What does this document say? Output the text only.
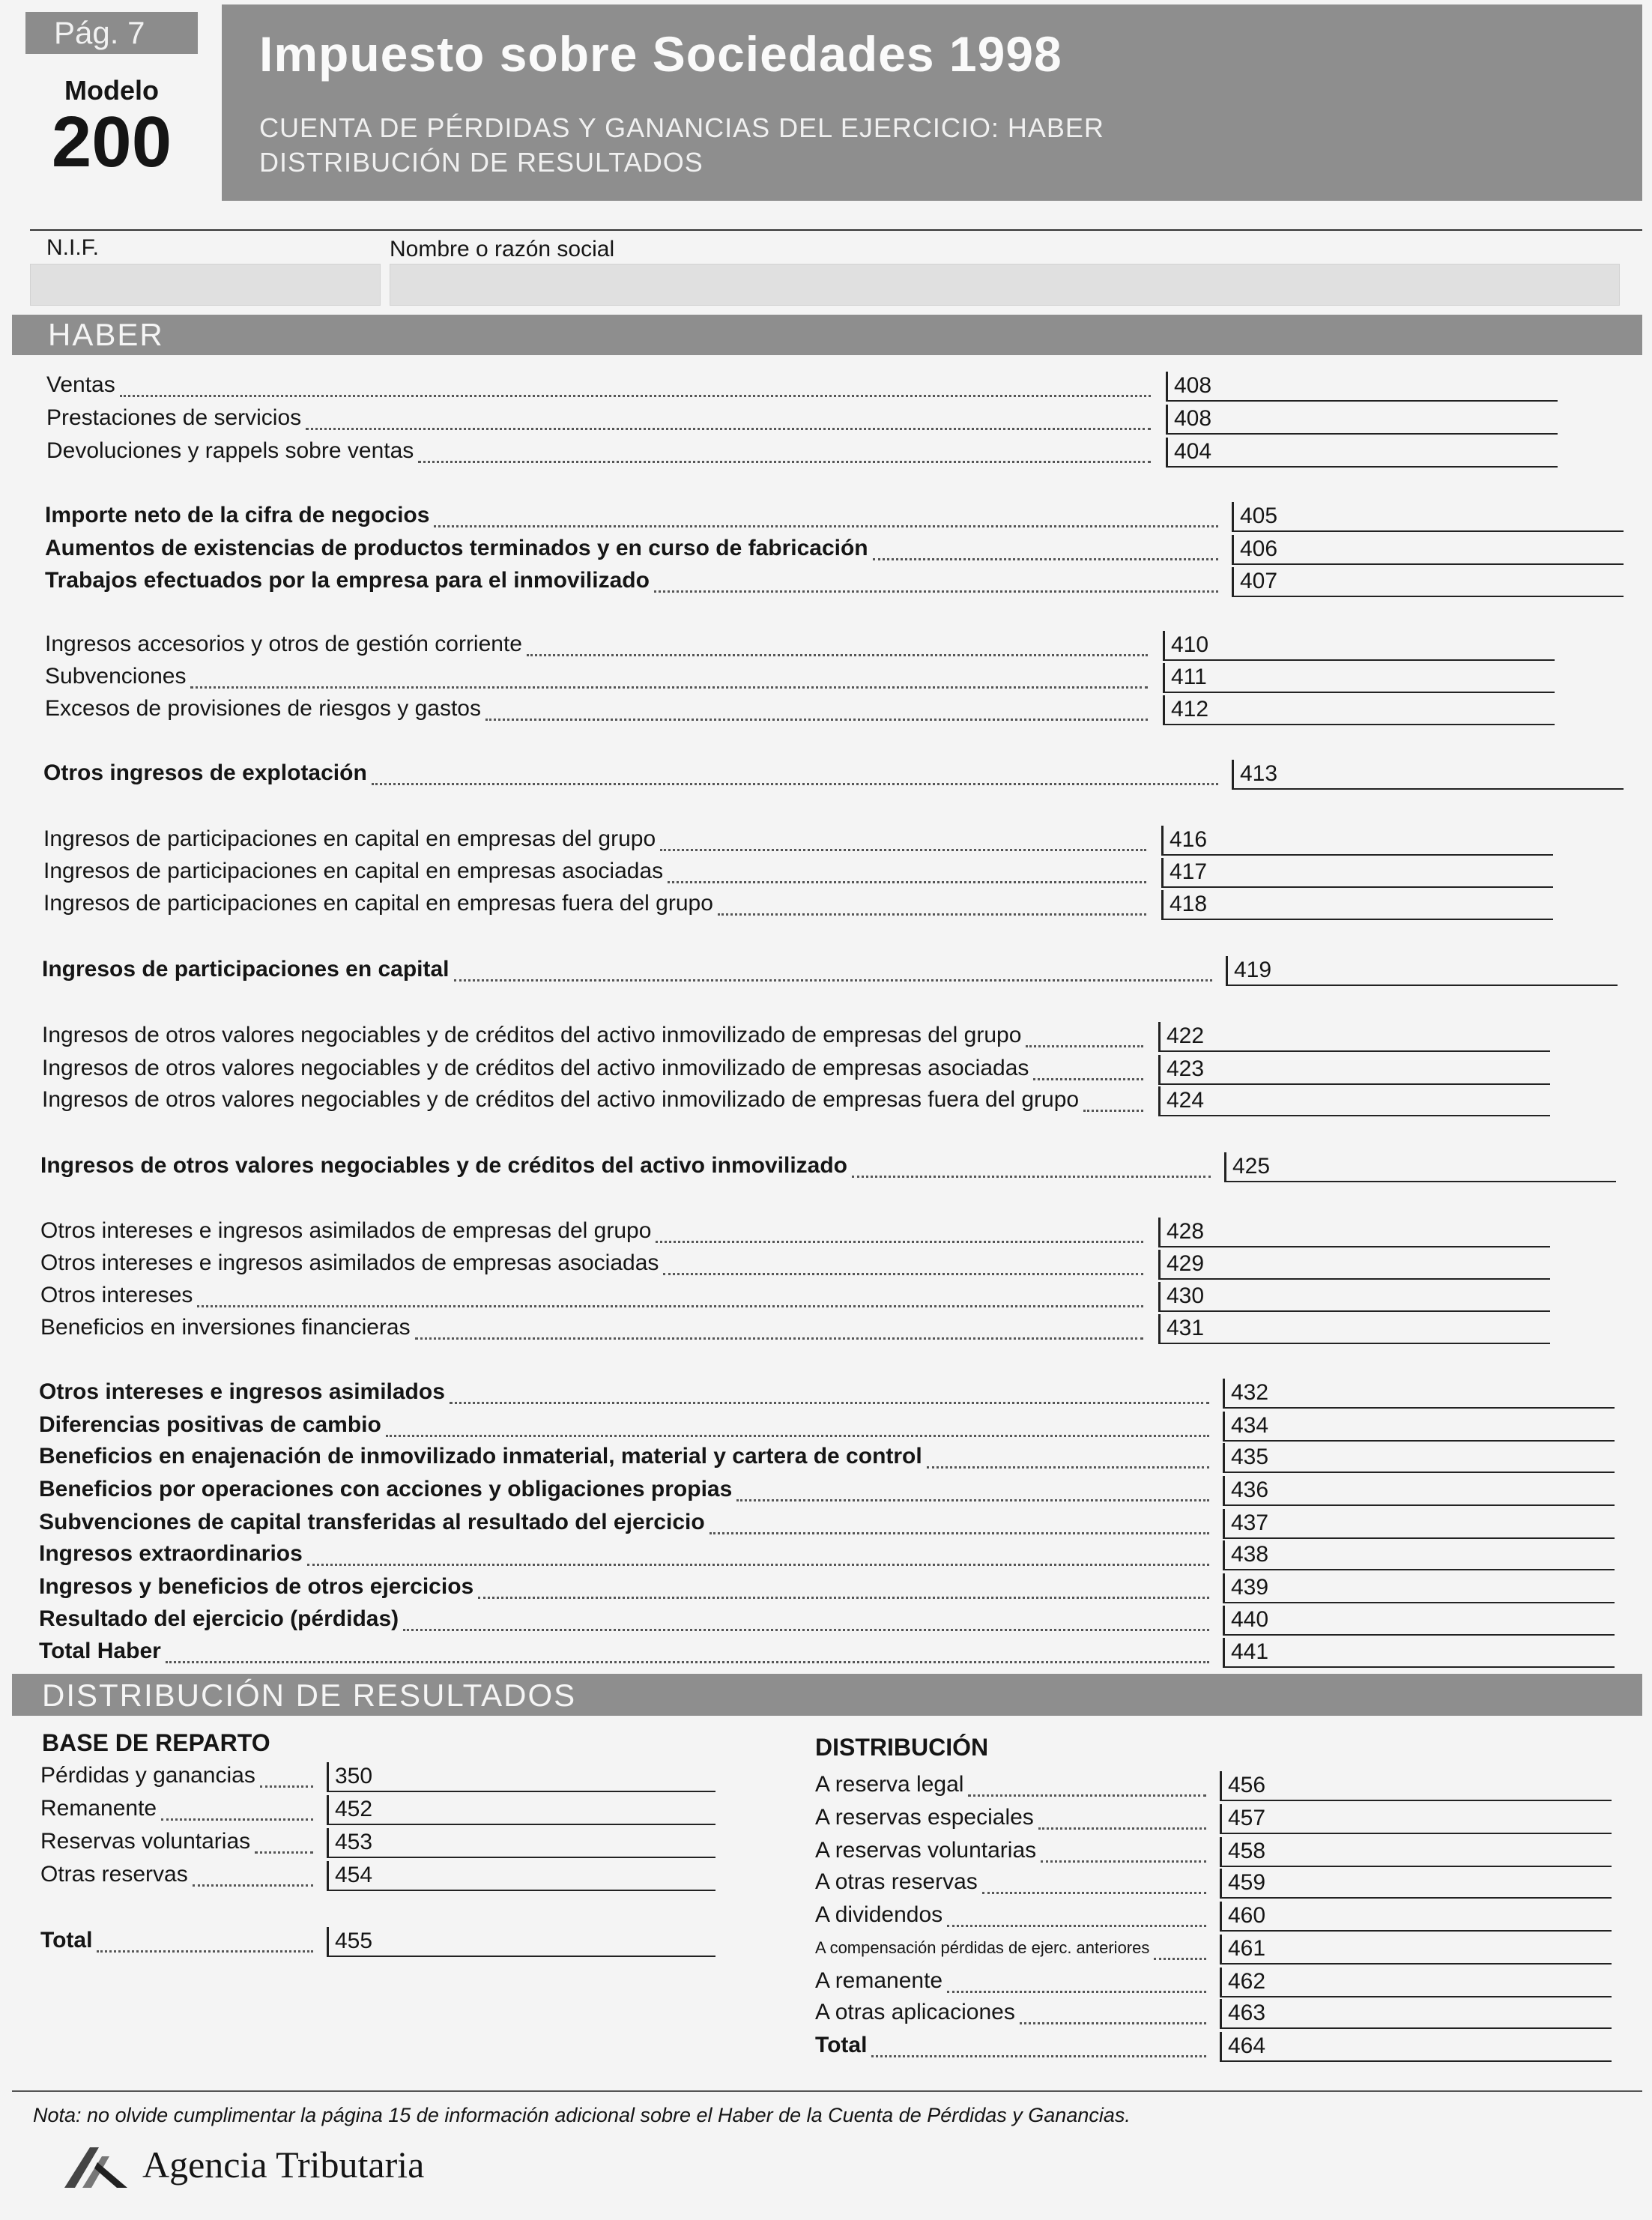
Pág. 7
Modelo
200
Impuesto sobre Sociedades 1998
CUENTA DE PÉRDIDAS Y GANANCIAS DEL EJERCICIO: HABER
DISTRIBUCIÓN DE RESULTADOS
N.I.F.	Nombre o razón social
HABER
Ventas	408
Prestaciones de servicios	408
Devoluciones y rappels sobre ventas	404
Importe neto de la cifra de negocios	405
Aumentos de existencias de productos terminados y en curso de fabricación	406
Trabajos efectuados por la empresa para el inmovilizado	407
Ingresos accesorios y otros de gestión corriente	410
Subvenciones	411
Excesos de provisiones de riesgos y gastos	412
Otros ingresos de explotación	413
Ingresos de participaciones en capital en empresas del grupo	416
Ingresos de participaciones en capital en empresas asociadas	417
Ingresos de participaciones en capital en empresas fuera del grupo	418
Ingresos de participaciones en capital	419
Ingresos de otros valores negociables y de créditos del activo inmovilizado de empresas del grupo	422
Ingresos de otros valores negociables y de créditos del activo inmovilizado de empresas asociadas	423
Ingresos de otros valores negociables y de créditos del activo inmovilizado de empresas fuera del grupo	424
Ingresos de otros valores negociables y de créditos del activo inmovilizado	425
Otros intereses e ingresos asimilados de empresas del grupo	428
Otros intereses e ingresos asimilados de empresas asociadas	429
Otros intereses	430
Beneficios en inversiones financieras	431
Otros intereses e ingresos asimilados	432
Diferencias positivas de cambio	434
Beneficios en enajenación de inmovilizado inmaterial, material y cartera de control	435
Beneficios por operaciones con acciones y obligaciones propias	436
Subvenciones de capital transferidas al resultado del ejercicio	437
Ingresos extraordinarios	438
Ingresos y beneficios de otros ejercicios	439
Resultado del ejercicio (pérdidas)	440
Total Haber	441
DISTRIBUCIÓN DE RESULTADOS
BASE DE REPARTO	DISTRIBUCIÓN
Pérdidas y ganancias	350
Remanente	452
Reservas voluntarias	453
Otras reservas	454
Total	455
A reserva legal	456
A reservas especiales	457
A reservas voluntarias	458
A otras reservas	459
A dividendos	460
A compensación pérdidas de ejerc. anteriores	461
A remanente	462
A otras aplicaciones	463
Total	464
Nota: no olvide cumplimentar la página 15 de información adicional sobre el Haber de la Cuenta de Pérdidas y Ganancias.
Agencia Tributaria
